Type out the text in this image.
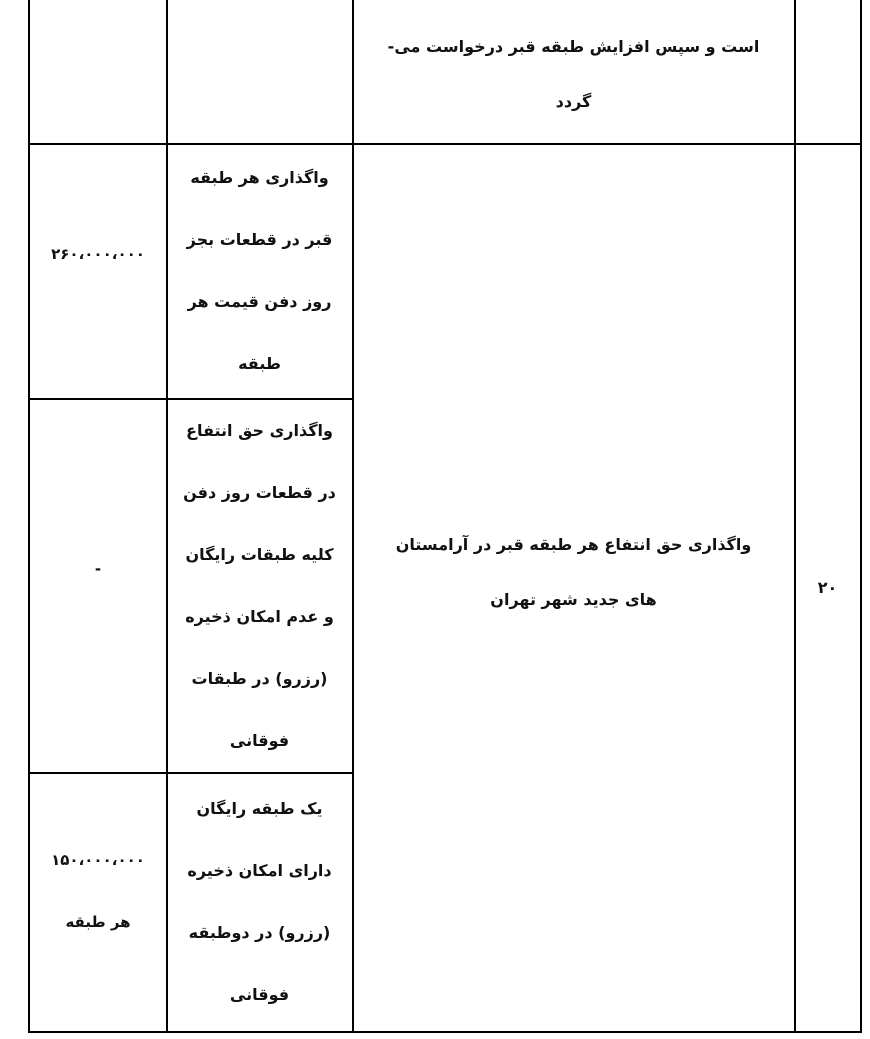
است و سپس افزایش طبقه قبر درخواست می-
گردد
۲۰
واگذاری حق انتفاع هر طبقه قبر در آرامستان
های جدید شهر تهران
واگذاری هر طبقه
قبر در قطعات بجز
روز دفن قیمت هر
طبقه
۲۶۰،۰۰۰،۰۰۰
واگذاری حق انتفاع
در قطعات روز دفن
کلیه طبقات رایگان
و عدم امکان ذخیره
(رزرو) در طبقات
فوقانی
-
یک طبقه رایگان
دارای امکان ذخیره
(رزرو) در دوطبقه
فوقانی
۱۵۰،۰۰۰،۰۰۰
هر طبقه
